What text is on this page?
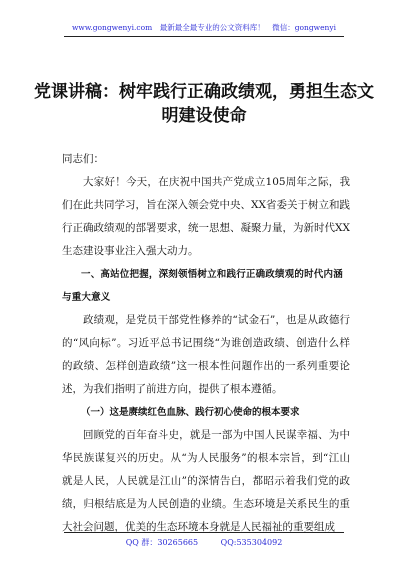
www.gongwenyi.com　最新最全最专业的公文资料库！　微信：gongwenyi
党课讲稿：树牢践行正确政绩观，勇担生态文明建设使命

同志们：

大家好！今天，在庆祝中国共产党成立105周年之际，我们在此共同学习，旨在深入领会党中央、XX省委关于树立和践行正确政绩观的部署要求，统一思想、凝聚力量，为新时代XX生态建设事业注入强大动力。

一、高站位把握，深刻领悟树立和践行正确政绩观的时代内涵与重大意义

政绩观，是党员干部党性修养的“试金石”，也是从政德行的“风向标”。习近平总书记围绕“为谁创造政绩、创造什么样的政绩、怎样创造政绩”这一根本性问题作出的一系列重要论述，为我们指明了前进方向，提供了根本遵循。

（一）这是赓续红色血脉、践行初心使命的根本要求

回顾党的百年奋斗史，就是一部为中国人民谋幸福、为中华民族谋复兴的历史。从“为人民服务”的根本宗旨，到“江山就是人民，人民就是江山”的深情告白，都昭示着我们党的政绩，归根结底是为人民创造的业绩。生态环境是关系民生的重大社会问题，优美的生态环境本身就是人民福祉的重要组成

QQ 群：30265665	QQ:535304092
